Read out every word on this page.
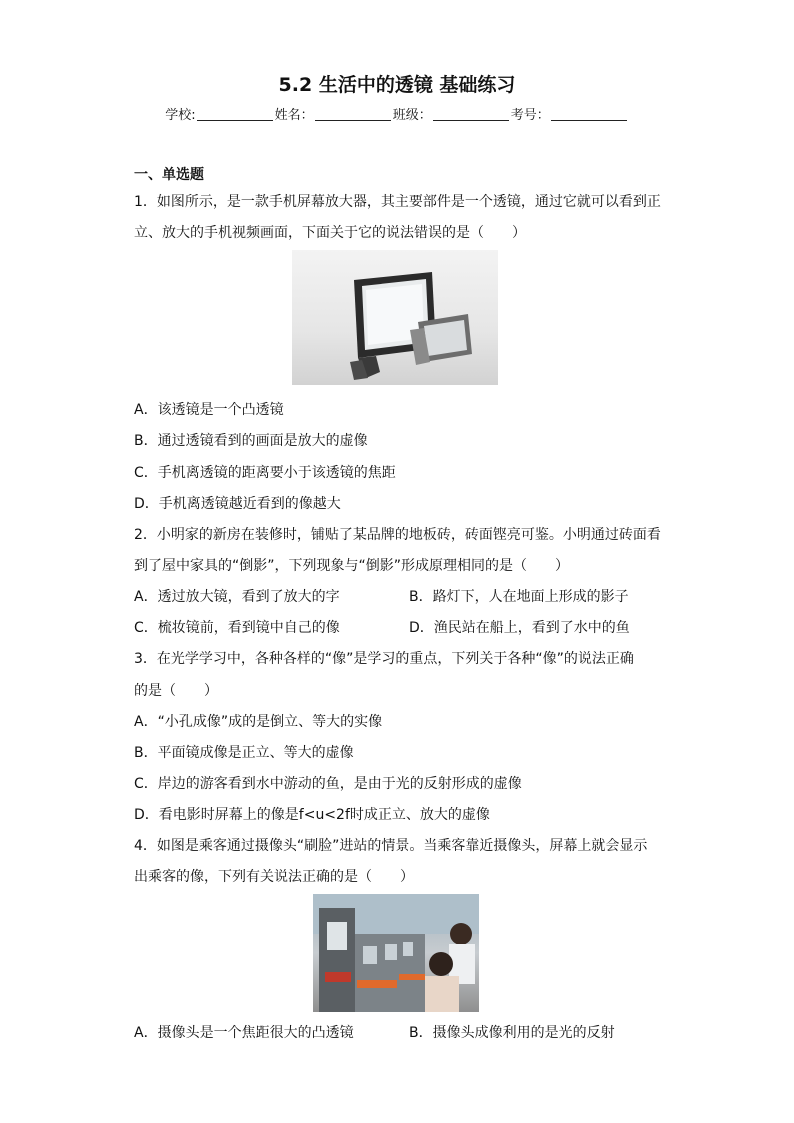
5.2 生活中的透镜 基础练习
学校:	姓名：	班级：	考号：
一、单选题
1．如图所示，是一款手机屏幕放大器，其主要部件是一个透镜，通过它就可以看到正
立、放大的手机视频画面，下面关于它的说法错误的是（　　）
A．该透镜是一个凸透镜
B．通过透镜看到的画面是放大的虚像
C．手机离透镜的距离要小于该透镜的焦距
D．手机离透镜越近看到的像越大
2．小明家的新房在装修时，铺贴了某品牌的地板砖，砖面铿亮可鉴。小明通过砖面看
到了屋中家具的“倒影”，下列现象与“倒影”形成原理相同的是（　　）
A．透过放大镜，看到了放大的字	B．路灯下，人在地面上形成的影子
C．梳妆镜前，看到镜中自己的像	D．渔民站在船上，看到了水中的鱼
3．在光学学习中，各种各样的“像”是学习的重点，下列关于各种“像”的说法正确
的是（　　）
A．“小孔成像”成的是倒立、等大的实像
B．平面镜成像是正立、等大的虚像
C．岸边的游客看到水中游动的鱼，是由于光的反射形成的虚像
D．看电影时屏幕上的像是f<u<2f时成正立、放大的虚像
4．如图是乘客通过摄像头“刷脸”进站的情景。当乘客靠近摄像头，屏幕上就会显示
出乘客的像，下列有关说法正确的是（　　）
A．摄像头是一个焦距很大的凸透镜	B．摄像头成像利用的是光的反射
